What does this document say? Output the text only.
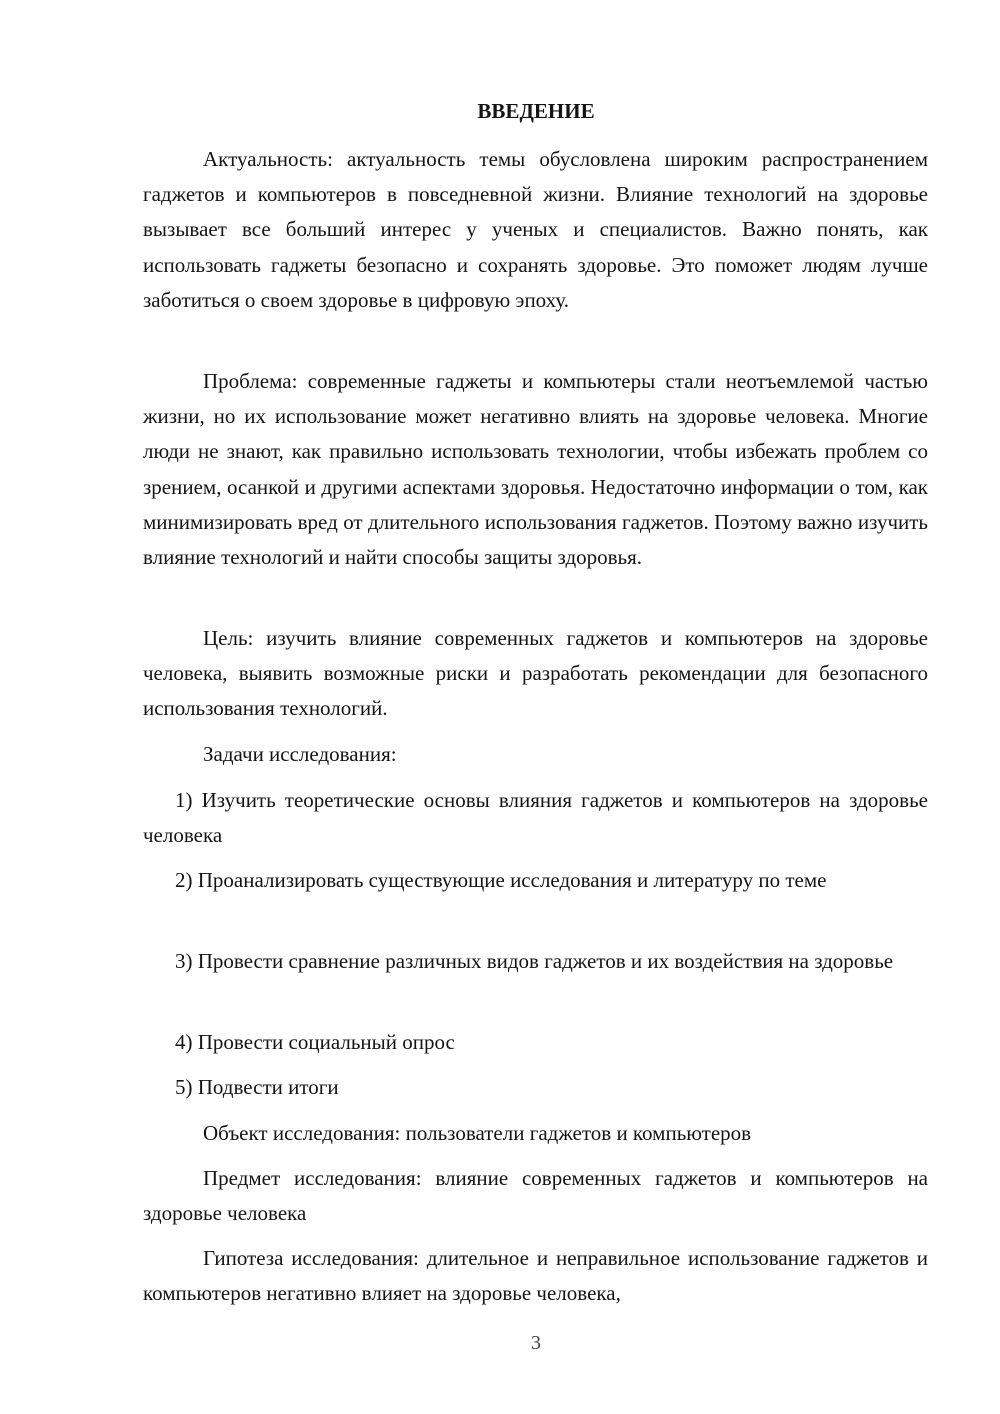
ВВЕДЕНИЕ

Актуальность: актуальность темы обусловлена широким распространением гаджетов и компьютеров в повседневной жизни. Влияние технологий на здоровье вызывает все больший интерес у ученых и специалистов. Важно понять, как использовать гаджеты безопасно и сохранять здоровье. Это поможет людям лучше заботиться о своем здоровье в цифровую эпоху.

Проблема: современные гаджеты и компьютеры стали неотъемлемой частью жизни, но их использование может негативно влиять на здоровье человека. Многие люди не знают, как правильно использовать технологии, чтобы избежать проблем со зрением, осанкой и другими аспектами здоровья. Недостаточно информации о том, как минимизировать вред от длительного использования гаджетов. Поэтому важно изучить влияние технологий и найти способы защиты здоровья.

Цель: изучить влияние современных гаджетов и компьютеров на здоровье человека, выявить возможные риски и разработать рекомендации для безопасного использования технологий.

Задачи исследования:

1) Изучить теоретические основы влияния гаджетов и компьютеров на здоровье человека

2) Проанализировать существующие исследования и литературу по теме

3) Провести сравнение различных видов гаджетов и их воздействия на здоровье

4) Провести социальный опрос

5) Подвести итоги

Объект исследования: пользователи гаджетов и компьютеров

Предмет исследования: влияние современных гаджетов и компьютеров на здоровье человека

Гипотеза исследования: длительное и неправильное использование гаджетов и компьютеров негативно влияет на здоровье человека,

3
